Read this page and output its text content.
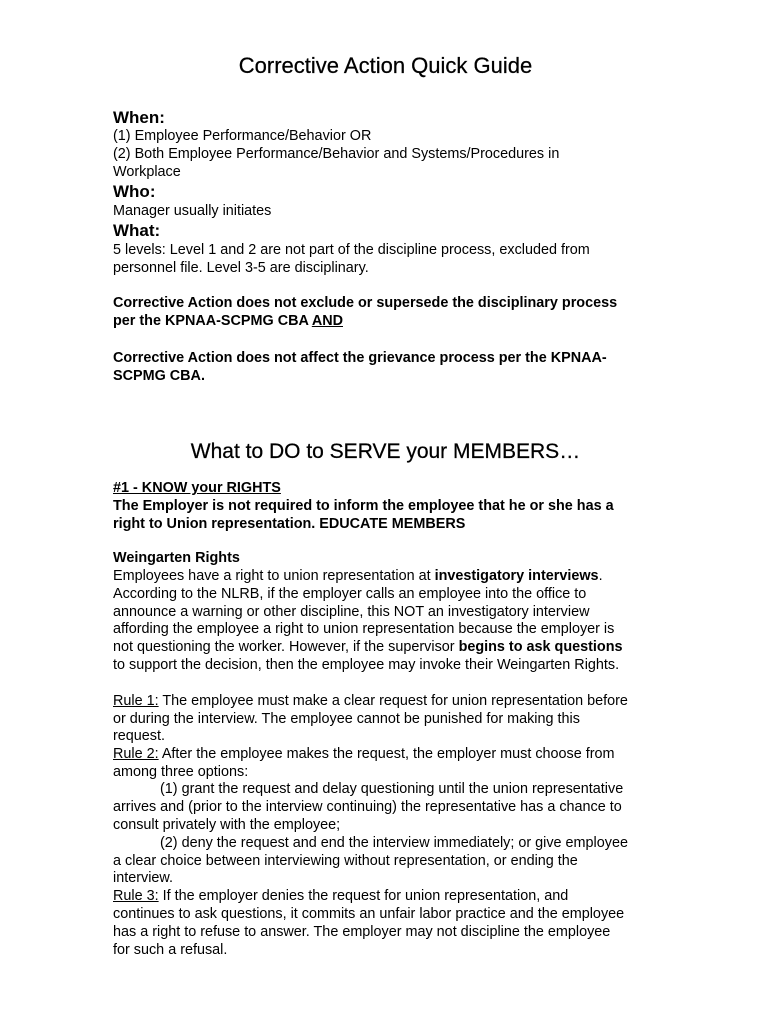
Corrective Action Quick Guide
When:

(1) Employee Performance/Behavior OR

(2) Both Employee Performance/Behavior and Systems/Procedures in

Workplace

Who:

Manager usually initiates

What:

5 levels: Level 1 and 2 are not part of the discipline process, excluded from

personnel file. Level 3-5 are disciplinary.

Corrective Action does not exclude or supersede the disciplinary process

per the KPNAA-SCPMG CBA AND

Corrective Action does not affect the grievance process per the KPNAA-

SCPMG CBA.

What to DO to SERVE your MEMBERS…

#1 - KNOW your RIGHTS

The Employer is not required to inform the employee that he or she has a

right to Union representation. EDUCATE MEMBERS

Weingarten Rights

Employees have a right to union representation at investigatory interviews.

According to the NLRB, if the employer calls an employee into the office to

announce a warning or other discipline, this NOT an investigatory interview

affording the employee a right to union representation because the employer is

not questioning the worker. However, if the supervisor begins to ask questions

to support the decision, then the employee may invoke their Weingarten Rights.

Rule 1: The employee must make a clear request for union representation before

or during the interview. The employee cannot be punished for making this

request.

Rule 2: After the employee makes the request, the employer must choose from

among three options:

(1) grant the request and delay questioning until the union representative

arrives and (prior to the interview continuing) the representative has a chance to

consult privately with the employee;

(2) deny the request and end the interview immediately; or give employee

a clear choice between interviewing without representation, or ending the

interview.

Rule 3: If the employer denies the request for union representation, and

continues to ask questions, it commits an unfair labor practice and the employee

has a right to refuse to answer. The employer may not discipline the employee

for such a refusal.
